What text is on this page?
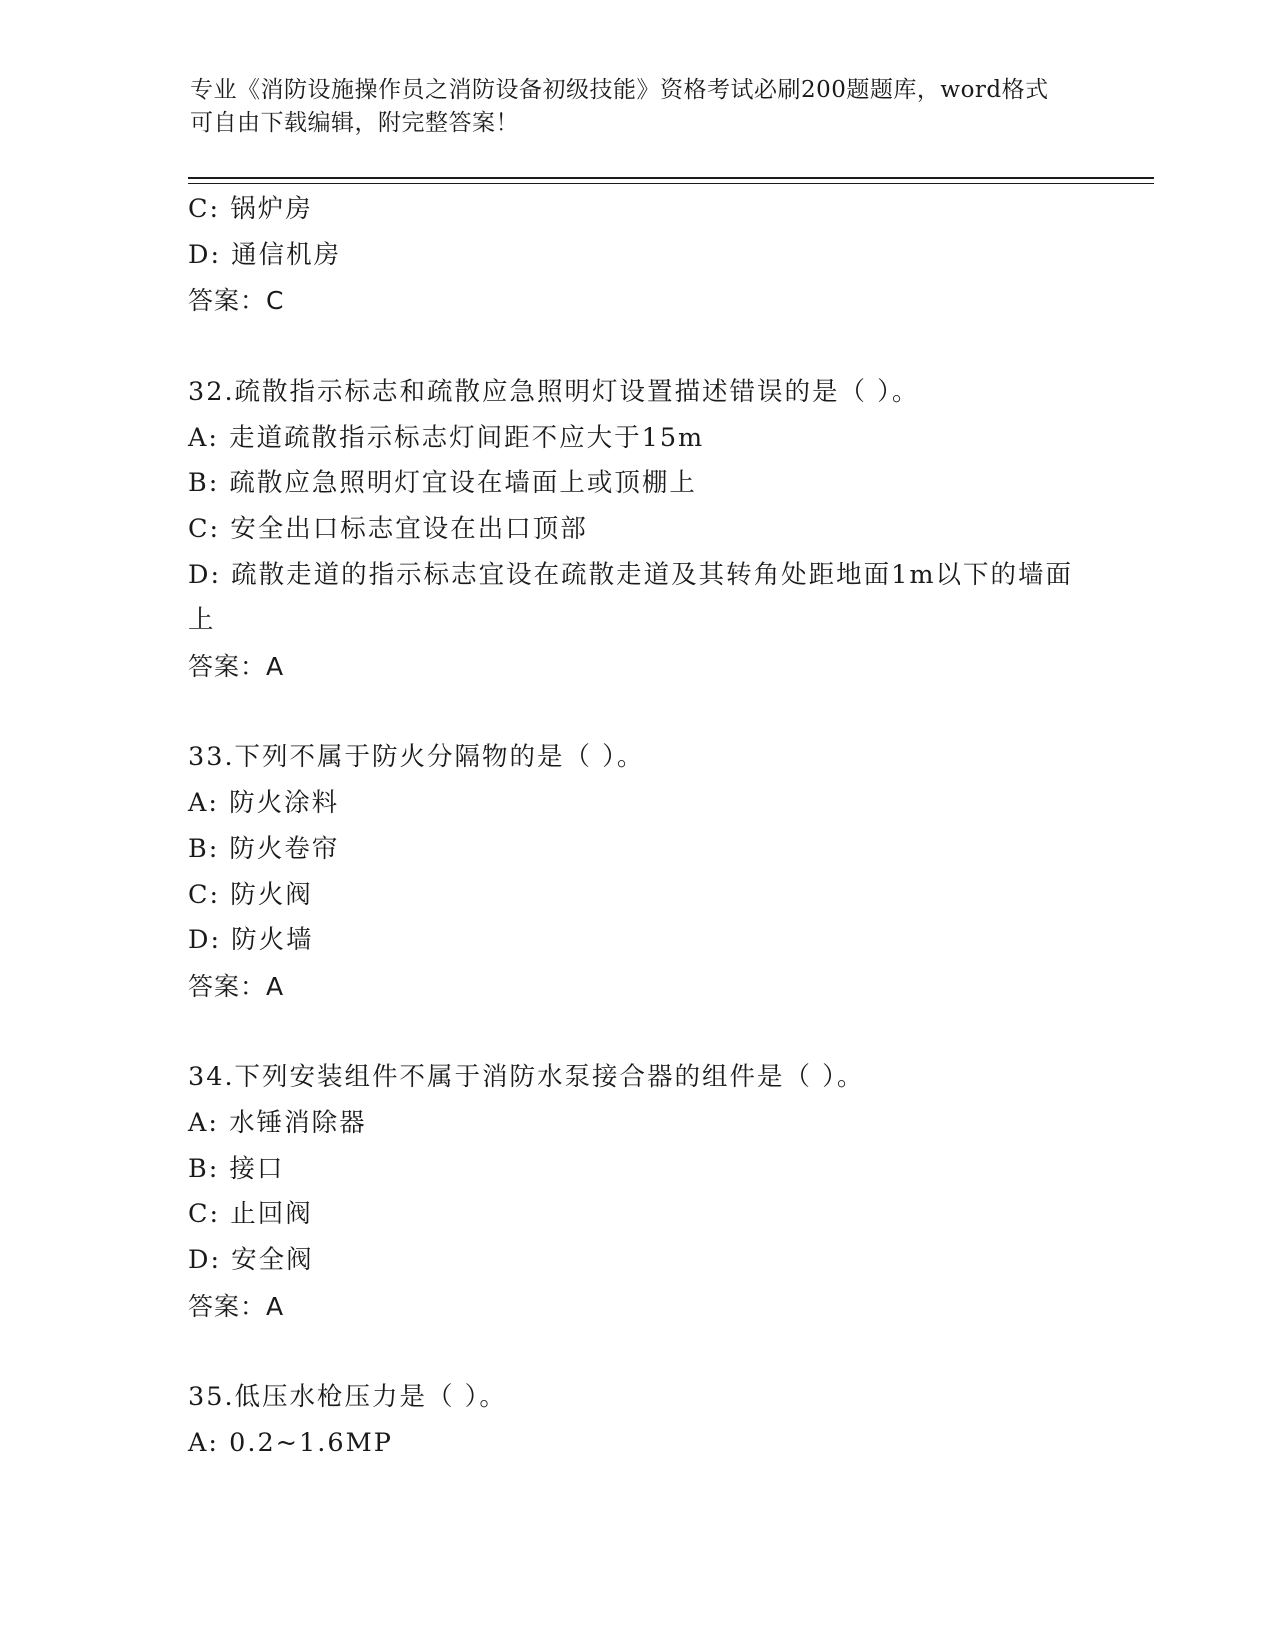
专业《消防设施操作员之消防设备初级技能》资格考试必刷200题题库，word格式可自由下载编辑，附完整答案！
C: 锅炉房
D: 通信机房
答案：C
32.疏散指示标志和疏散应急照明灯设置描述错误的是（ ）。
A: 走道疏散指示标志灯间距不应大于15m
B: 疏散应急照明灯宜设在墙面上或顶棚上
C: 安全出口标志宜设在出口顶部
D: 疏散走道的指示标志宜设在疏散走道及其转角处距地面1m以下的墙面上
答案：A
33.下列不属于防火分隔物的是（ ）。
A: 防火涂料
B: 防火卷帘
C: 防火阀
D: 防火墙
答案：A
34.下列安装组件不属于消防水泵接合器的组件是（ ）。
A: 水锤消除器
B: 接口
C: 止回阀
D: 安全阀
答案：A
35.低压水枪压力是（ ）。
A: 0.2~1.6MP
